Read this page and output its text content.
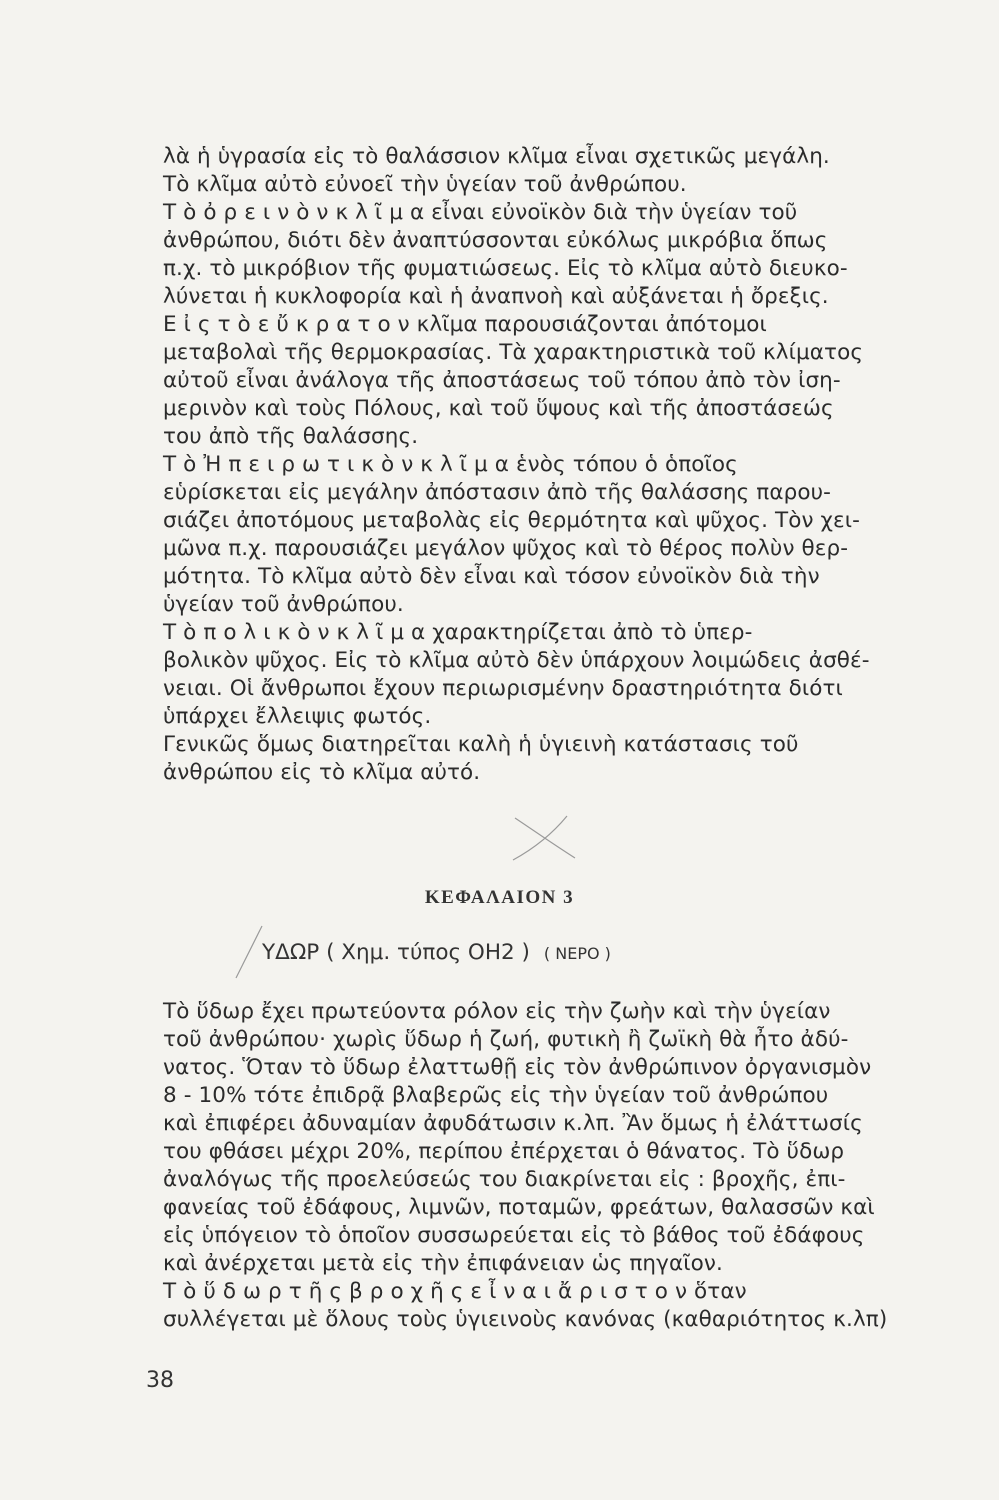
λὰ ἡ ὑγρασία εἰς τὸ θαλάσσιον κλῖμα εἶναι σχετικῶς μεγάλη.
Τὸ κλῖμα αὐτὸ εὐνοεῖ τὴν ὑγείαν τοῦ ἀνθρώπου.
Τ ὸ ὀ ρ ε ι ν ὸ ν κ λ ῖ μ α εἶναι εὐνοϊκὸν διὰ τὴν ὑγείαν τοῦ
ἀνθρώπου, διότι δὲν ἀναπτύσσονται εὐκόλως μικρόβια ὅπως
π.χ. τὸ μικρόβιον τῆς φυματιώσεως. Εἰς τὸ κλῖμα αὐτὸ διευκο-
λύνεται ἡ κυκλοφορία καὶ ἡ ἀναπνοὴ καὶ αὐξάνεται ἡ ὄρεξις.
Ε ἰ ς τ ὸ ε ὔ κ ρ α τ ο ν κλῖμα παρουσιάζονται ἀπότομοι
μεταβολαὶ τῆς θερμοκρασίας. Τὰ χαρακτηριστικὰ τοῦ κλίματος
αὐτοῦ εἶναι ἀνάλογα τῆς ἀποστάσεως τοῦ τόπου ἀπὸ τὸν ἰση-
μερινὸν καὶ τοὺς Πόλους, καὶ τοῦ ὕψους καὶ τῆς ἀποστάσεώς
του ἀπὸ τῆς θαλάσσης.
Τ ὸ Ἠ π ε ι ρ ω τ ι κ ὸ ν κ λ ῖ μ α ἑνὸς τόπου ὁ ὁποῖος
εὑρίσκεται εἰς μεγάλην ἀπόστασιν ἀπὸ τῆς θαλάσσης παρου-
σιάζει ἀποτόμους μεταβολὰς εἰς θερμότητα καὶ ψῦχος. Τὸν χει-
μῶνα π.χ. παρουσιάζει μεγάλον ψῦχος καὶ τὸ θέρος πολὺν θερ-
μότητα. Τὸ κλῖμα αὐτὸ δὲν εἶναι καὶ τόσον εὐνοϊκὸν διὰ τὴν
ὑγείαν τοῦ ἀνθρώπου.
Τ ὸ π ο λ ι κ ὸ ν κ λ ῖ μ α χαρακτηρίζεται ἀπὸ τὸ ὑπερ-
βολικὸν ψῦχος. Εἰς τὸ κλῖμα αὐτὸ δὲν ὑπάρχουν λοιμώδεις ἀσθέ-
νειαι. Οἱ ἄνθρωποι ἔχουν περιωρισμένην δραστηριότητα διότι
ὑπάρχει ἔλλειψις φωτός.
Γενικῶς ὅμως διατηρεῖται καλὴ ἡ ὑγιεινὴ κατάστασις τοῦ
ἀνθρώπου εἰς τὸ κλῖμα αὐτό.
ΚΕΦΑΛΑΙΟΝ 3
ΥΔΩΡ ( Χημ. τύπος ΟΗ2 ) ( ΝΕΡΟ )
Τὸ ὕδωρ ἔχει πρωτεύοντα ρόλον εἰς τὴν ζωὴν καὶ τὴν ὑγείαν
τοῦ ἀνθρώπου· χωρὶς ὕδωρ ἡ ζωή, φυτικὴ ἢ ζωϊκὴ θὰ ἦτο ἀδύ-
νατος. Ὅταν τὸ ὕδωρ ἐλαττωθῇ εἰς τὸν ἀνθρώπινον ὀργανισμὸν
8 - 10% τότε ἐπιδρᾷ βλαβερῶς εἰς τὴν ὑγείαν τοῦ ἀνθρώπου
καὶ ἐπιφέρει ἀδυναμίαν ἀφυδάτωσιν κ.λπ. Ἂν ὅμως ἡ ἐλάττωσίς
του φθάσει μέχρι 20%, περίπου ἐπέρχεται ὁ θάνατος. Τὸ ὕδωρ
ἀναλόγως τῆς προελεύσεώς του διακρίνεται εἰς : βροχῆς, ἐπι-
φανείας τοῦ ἐδάφους, λιμνῶν, ποταμῶν, φρεάτων, θαλασσῶν καὶ
εἰς ὑπόγειον τὸ ὁποῖον συσσωρεύεται εἰς τὸ βάθος τοῦ ἐδάφους
καὶ ἀνέρχεται μετὰ εἰς τὴν ἐπιφάνειαν ὡς πηγαῖον.
Τ ὸ ὕ δ ω ρ τ ῆ ς β ρ ο χ ῆ ς ε ἶ ν α ι ἄ ρ ι σ τ ο ν ὅταν
συλλέγεται μὲ ὅλους τοὺς ὑγιεινοὺς κανόνας (καθαριότητος κ.λπ)
38
